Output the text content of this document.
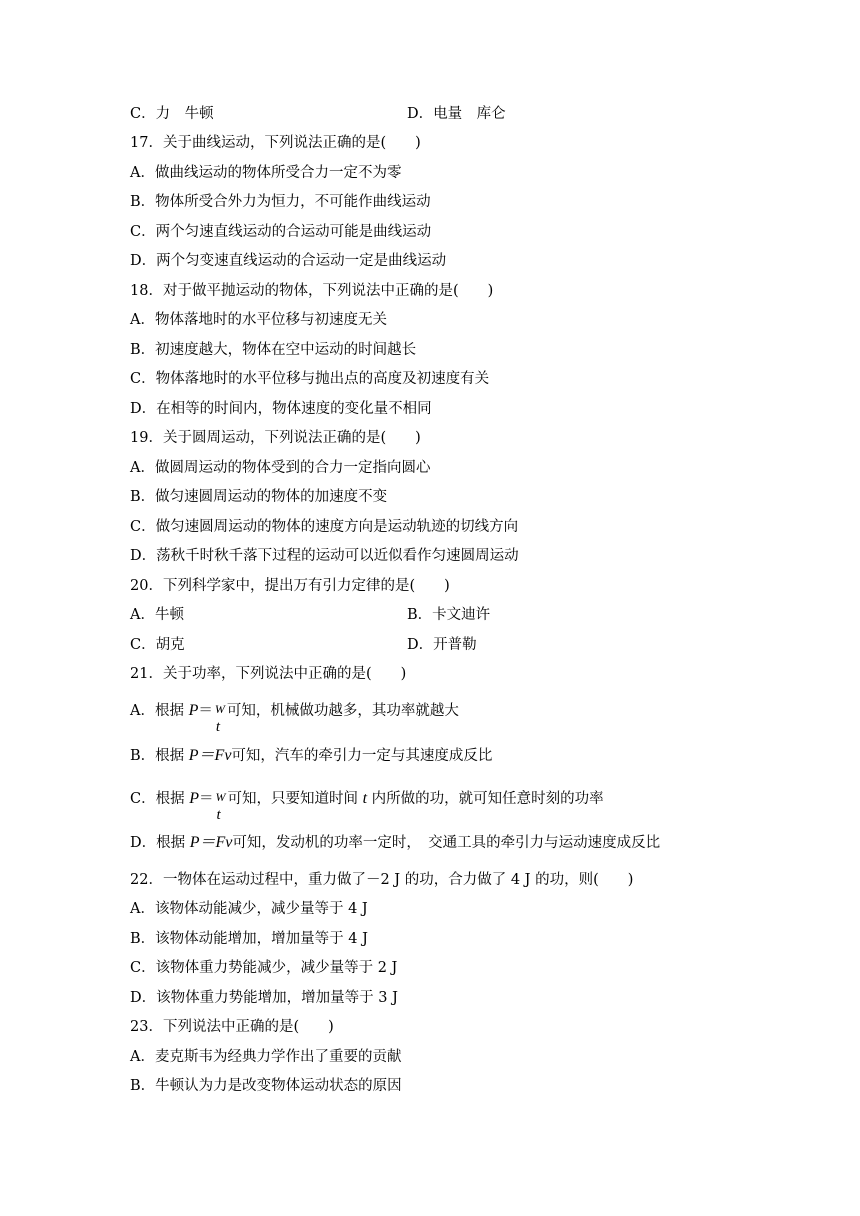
C．力　牛顿	D．电量　库仑
17．关于曲线运动，下列说法正确的是(　　)
A．做曲线运动的物体所受合力一定不为零
B．物体所受合外力为恒力，不可能作曲线运动
C．两个匀速直线运动的合运动可能是曲线运动
D．两个匀变速直线运动的合运动一定是曲线运动
18．对于做平抛运动的物体，下列说法中正确的是(　　)
A．物体落地时的水平位移与初速度无关
B．初速度越大，物体在空中运动的时间越长
C．物体落地时的水平位移与抛出点的高度及初速度有关
D．在相等的时间内，物体速度的变化量不相同
19．关于圆周运动，下列说法正确的是(　　)
A．做圆周运动的物体受到的合力一定指向圆心
B．做匀速圆周运动的物体的加速度不变
C．做匀速圆周运动的物体的速度方向是运动轨迹的切线方向
D．荡秋千时秋千落下过程的运动可以近似看作匀速圆周运动
20．下列科学家中，提出万有引力定律的是(　　)
A．牛顿	B．卡文迪许
C．胡克	D．开普勒
21．关于功率，下列说法中正确的是(　　)
A．根据 P＝ W
t
可知，机械做功越多，其功率就越大
B．根据 P＝Fv可知，汽车的牵引力一定与其速度成反比
C．根据 P＝ W
t
可知，只要知道时间 t 内所做的功，就可知任意时刻的功率
D．根据 P＝Fv可知，发动机的功率一定时，　交通工具的牵引力与运动速度成反比
22．一物体在运动过程中，重力做了－2 J 的功，合力做了 4 J 的功，则(　　)
A．该物体动能减少，减少量等于 4 J
B．该物体动能增加，增加量等于 4 J
C．该物体重力势能减少，减少量等于 2 J
D．该物体重力势能增加，增加量等于 3 J
23．下列说法中正确的是(　　)
A．麦克斯韦为经典力学作出了重要的贡献
B．牛顿认为力是改变物体运动状态的原因
